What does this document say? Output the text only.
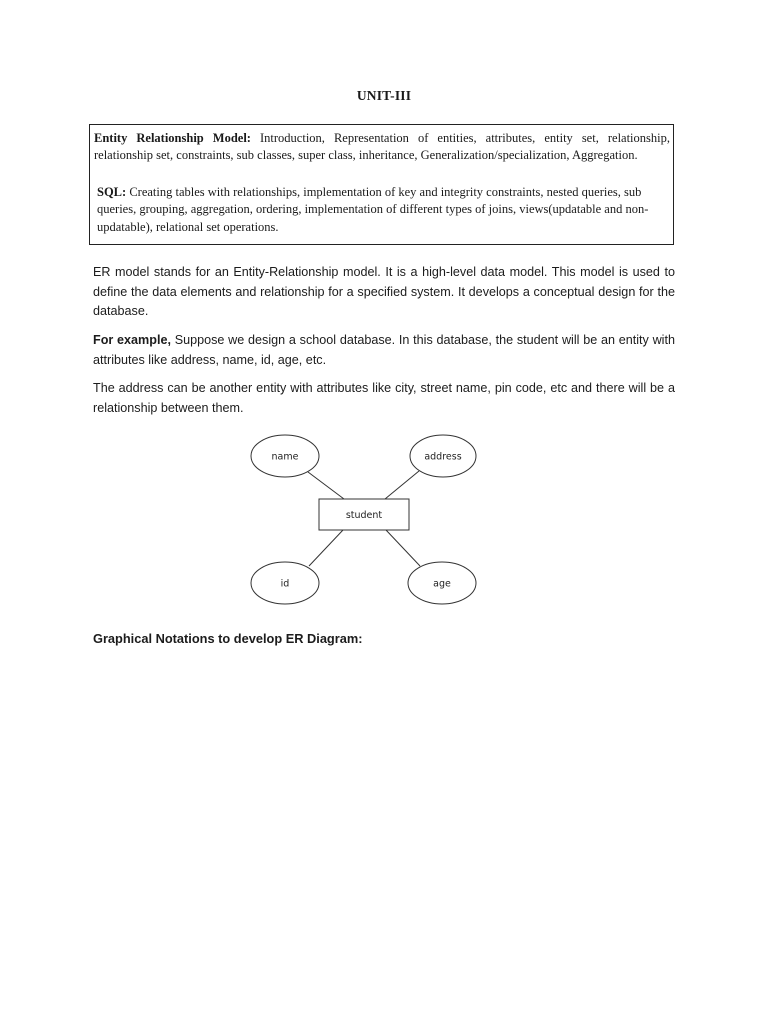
UNIT-III
Entity Relationship Model: Introduction, Representation of entities, attributes, entity set, relationship, relationship set, constraints, sub classes, super class, inheritance, Generalization/specialization, Aggregation.
SQL: Creating tables with relationships, implementation of key and integrity constraints, nested queries, sub queries, grouping, aggregation, ordering, implementation of different types of joins, views(updatable and non-updatable), relational set operations.
ER model stands for an Entity-Relationship model. It is a high-level data model. This model is used to define the data elements and relationship for a specified system. It develops a conceptual design for the database.
For example, Suppose we design a school database. In this database, the student will be an entity with attributes like address, name, id, age, etc.
The address can be another entity with attributes like city, street name, pin code, etc and there will be a relationship between them.
name	address
student
id	age
Graphical Notations to develop ER Diagram:
